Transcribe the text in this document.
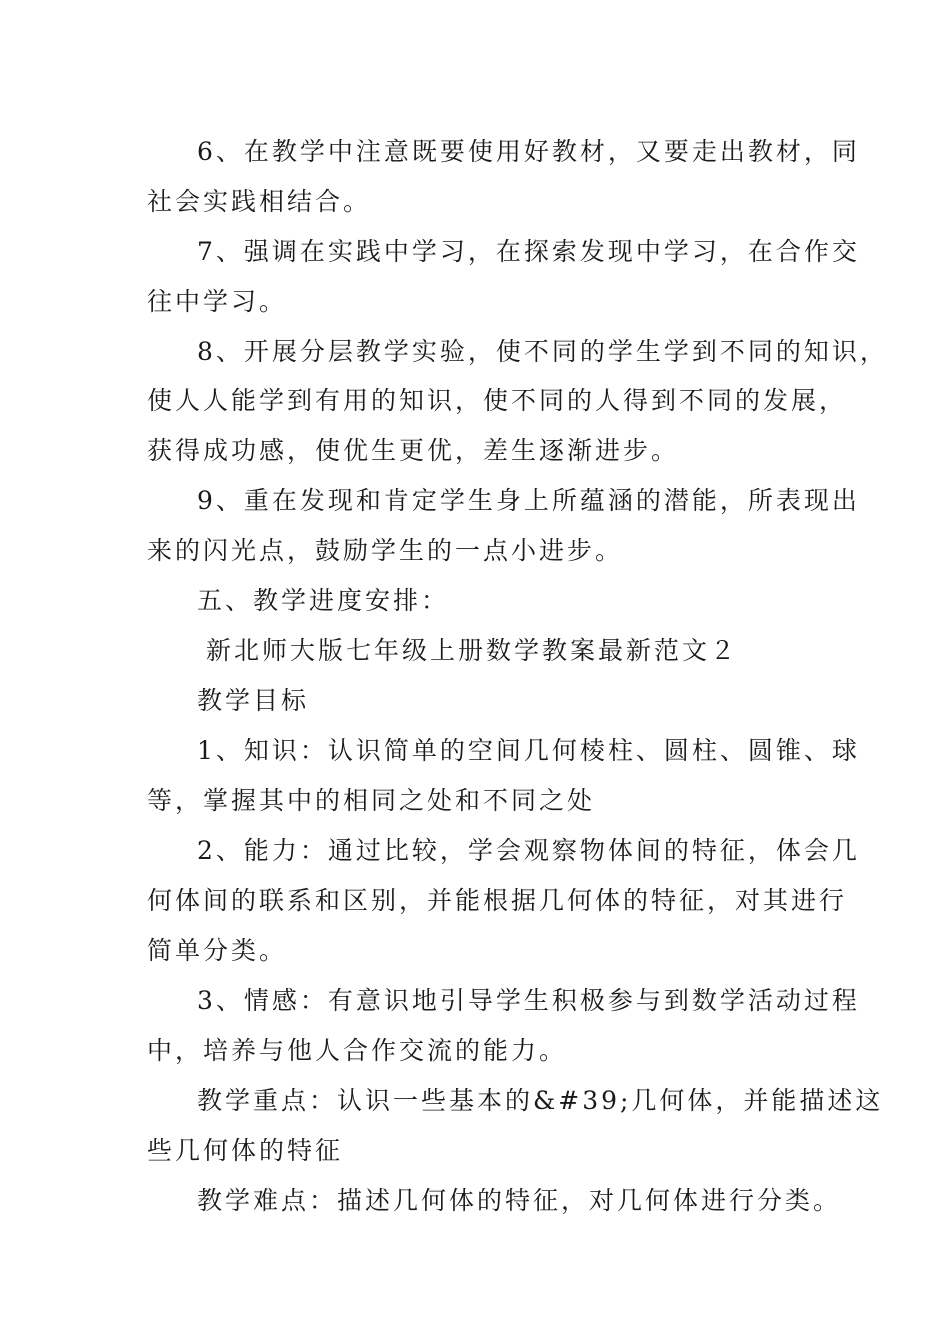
6、在教学中注意既要使用好教材，又要走出教材，同
社会实践相结合。
7、强调在实践中学习，在探索发现中学习，在合作交
往中学习。
8、开展分层教学实验，使不同的学生学到不同的知识，
使人人能学到有用的知识，使不同的人得到不同的发展，
获得成功感，使优生更优，差生逐渐进步。
9、重在发现和肯定学生身上所蕴涵的潜能，所表现出
来的闪光点，鼓励学生的一点小进步。
五、教学进度安排：
新北师大版七年级上册数学教案最新范文２
教学目标
1、知识：认识简单的空间几何棱柱、圆柱、圆锥、球
等，掌握其中的相同之处和不同之处
2、能力：通过比较，学会观察物体间的特征，体会几
何体间的联系和区别，并能根据几何体的特征，对其进行
简单分类。
3、情感：有意识地引导学生积极参与到数学活动过程
中，培养与他人合作交流的能力。
教学重点：认识一些基本的&#39;几何体，并能描述这
些几何体的特征
教学难点：描述几何体的特征，对几何体进行分类。
